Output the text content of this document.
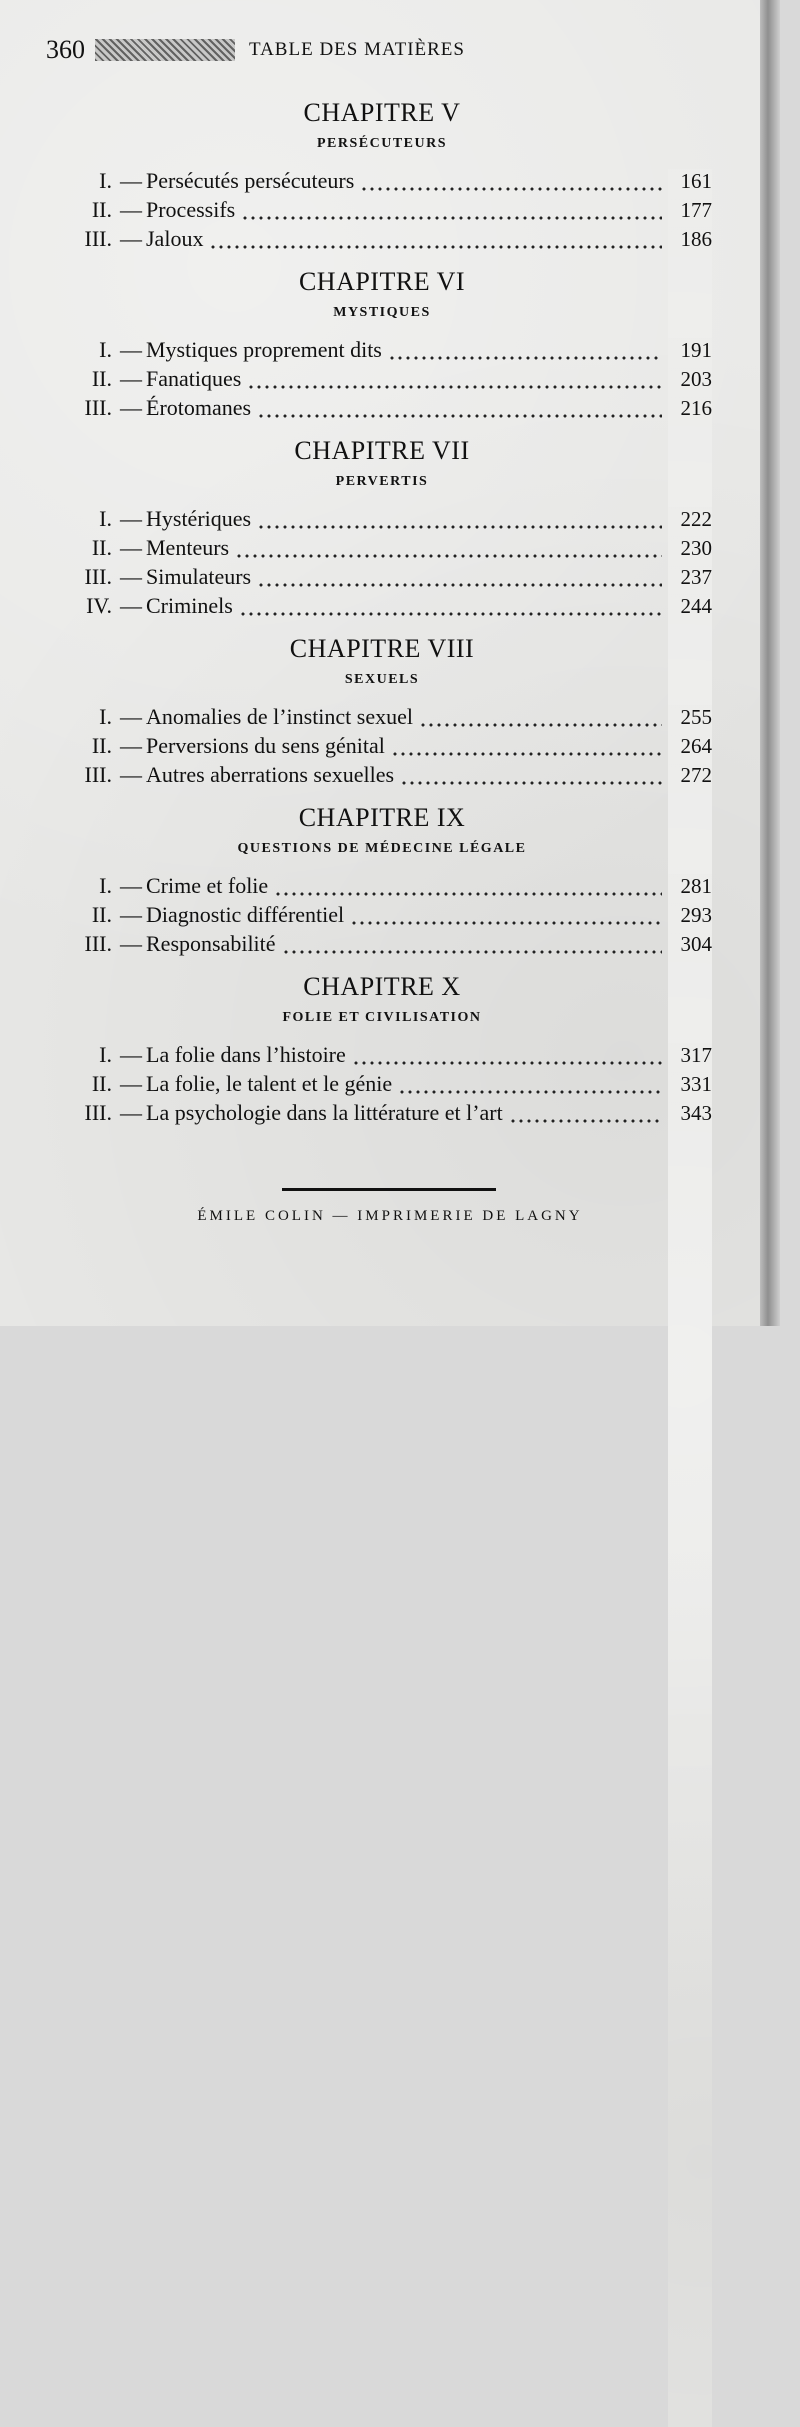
360	TABLE DES MATIÈRES
CHAPITRE V
PERSÉCUTEURS
I. — Persécutés persécuteurs	161
II. — Processifs	177
III. — Jaloux	186
CHAPITRE VI
MYSTIQUES
I. — Mystiques proprement dits	191
II. — Fanatiques	203
III. — Érotomanes	216
CHAPITRE VII
PERVERTIS
I. — Hystériques	222
II. — Menteurs	230
III. — Simulateurs	237
IV. — Criminels	244
CHAPITRE VIII
SEXUELS
I. — Anomalies de l’instinct sexuel	255
II. — Perversions du sens génital	264
III. — Autres aberrations sexuelles	272
CHAPITRE IX
QUESTIONS DE MÉDECINE LÉGALE
I. — Crime et folie	281
II. — Diagnostic différentiel	293
III. — Responsabilité	304
CHAPITRE X
FOLIE ET CIVILISATION
I. — La folie dans l’histoire	317
II. — La folie, le talent et le génie	331
III. — La psychologie dans la littérature et l’art	343
ÉMILE COLIN — IMPRIMERIE DE LAGNY
